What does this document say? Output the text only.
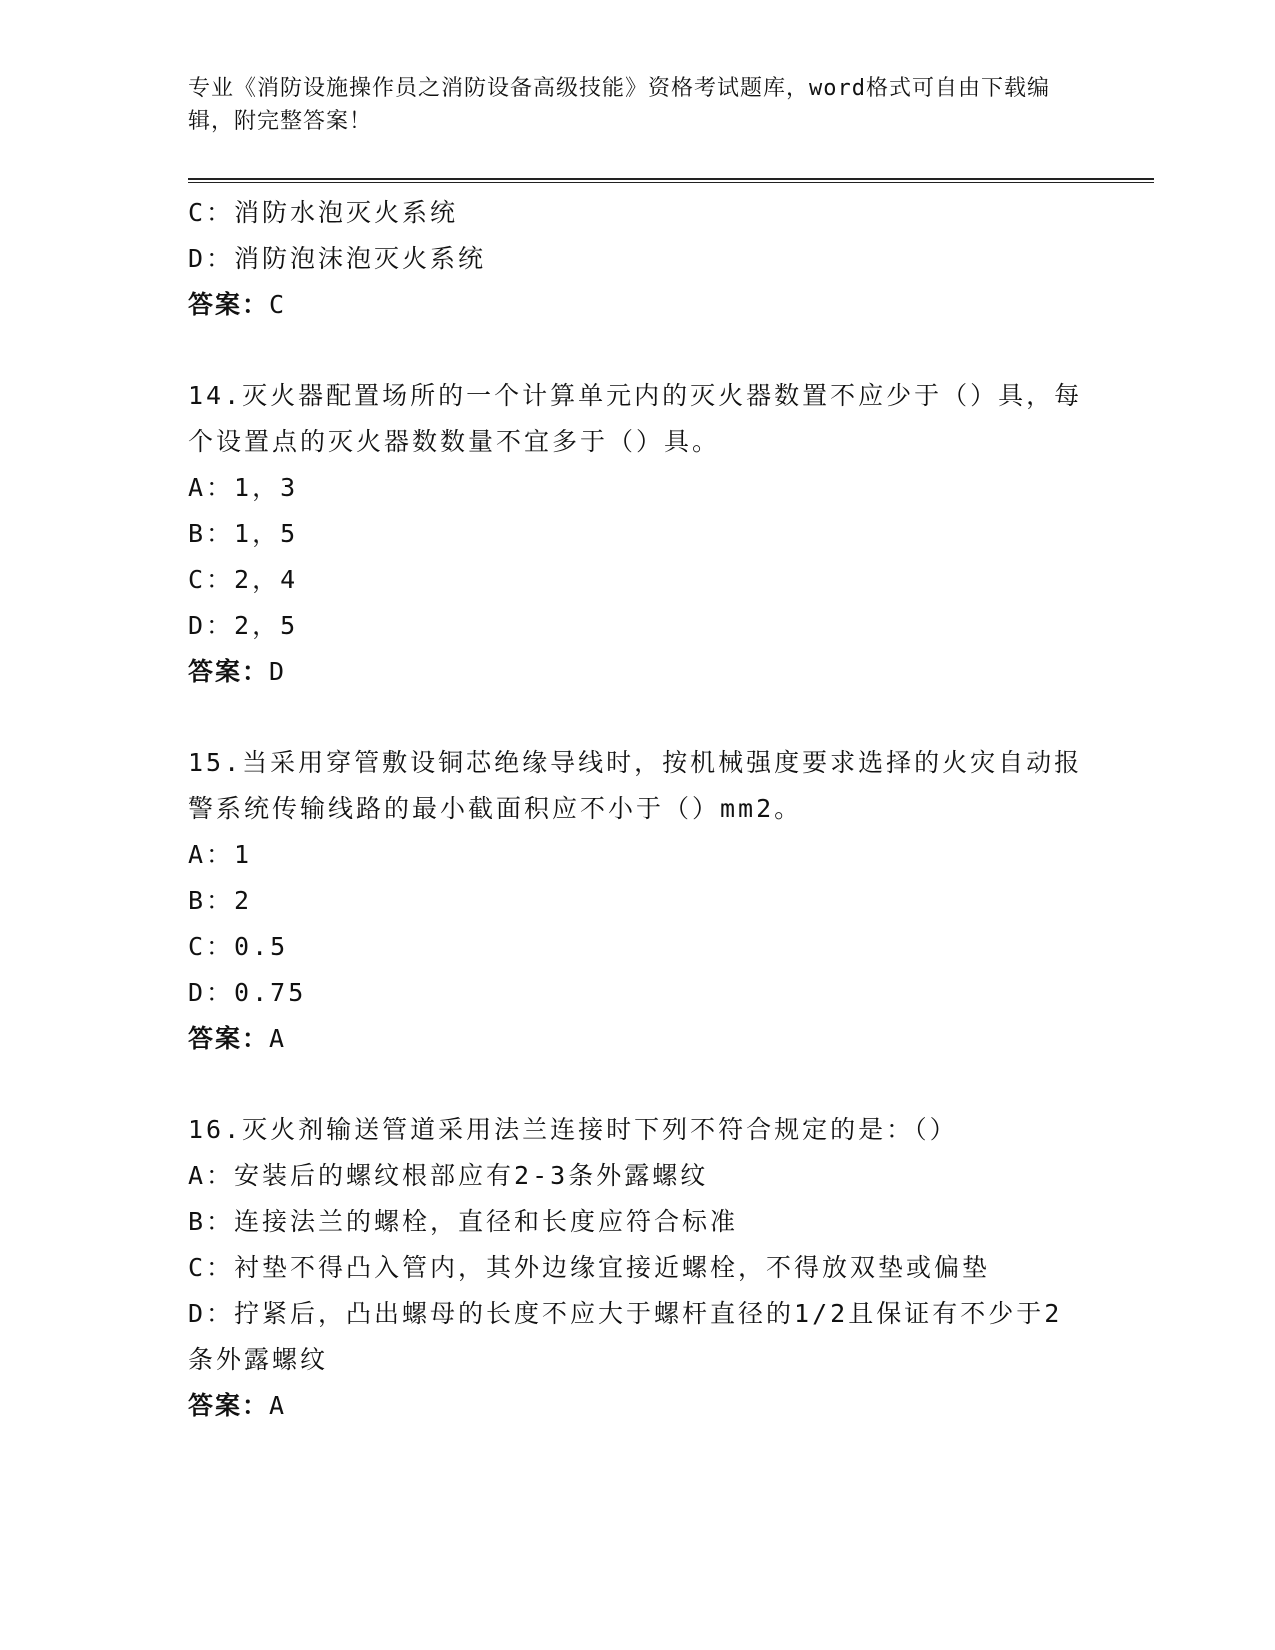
专业《消防设施操作员之消防设备高级技能》资格考试题库，word格式可自由下载编辑，附完整答案！
C：消防水泡灭火系统
D：消防泡沫泡灭火系统
答案：C
14.灭火器配置场所的一个计算单元内的灭火器数置不应少于（）具，每个设置点的灭火器数数量不宜多于（）具。
A：1，3
B：1，5
C：2，4
D：2，5
答案：D
15.当采用穿管敷设铜芯绝缘导线时，按机械强度要求选择的火灾自动报警系统传输线路的最小截面积应不小于（）mm2。
A：1
B：2
C：0.5
D：0.75
答案：A
16.灭火剂输送管道采用法兰连接时下列不符合规定的是：（）
A：安装后的螺纹根部应有2-3条外露螺纹
B：连接法兰的螺栓，直径和长度应符合标准
C：衬垫不得凸入管内，其外边缘宜接近螺栓，不得放双垫或偏垫
D：拧紧后，凸出螺母的长度不应大于螺杆直径的1/2且保证有不少于2条外露螺纹
答案：A
